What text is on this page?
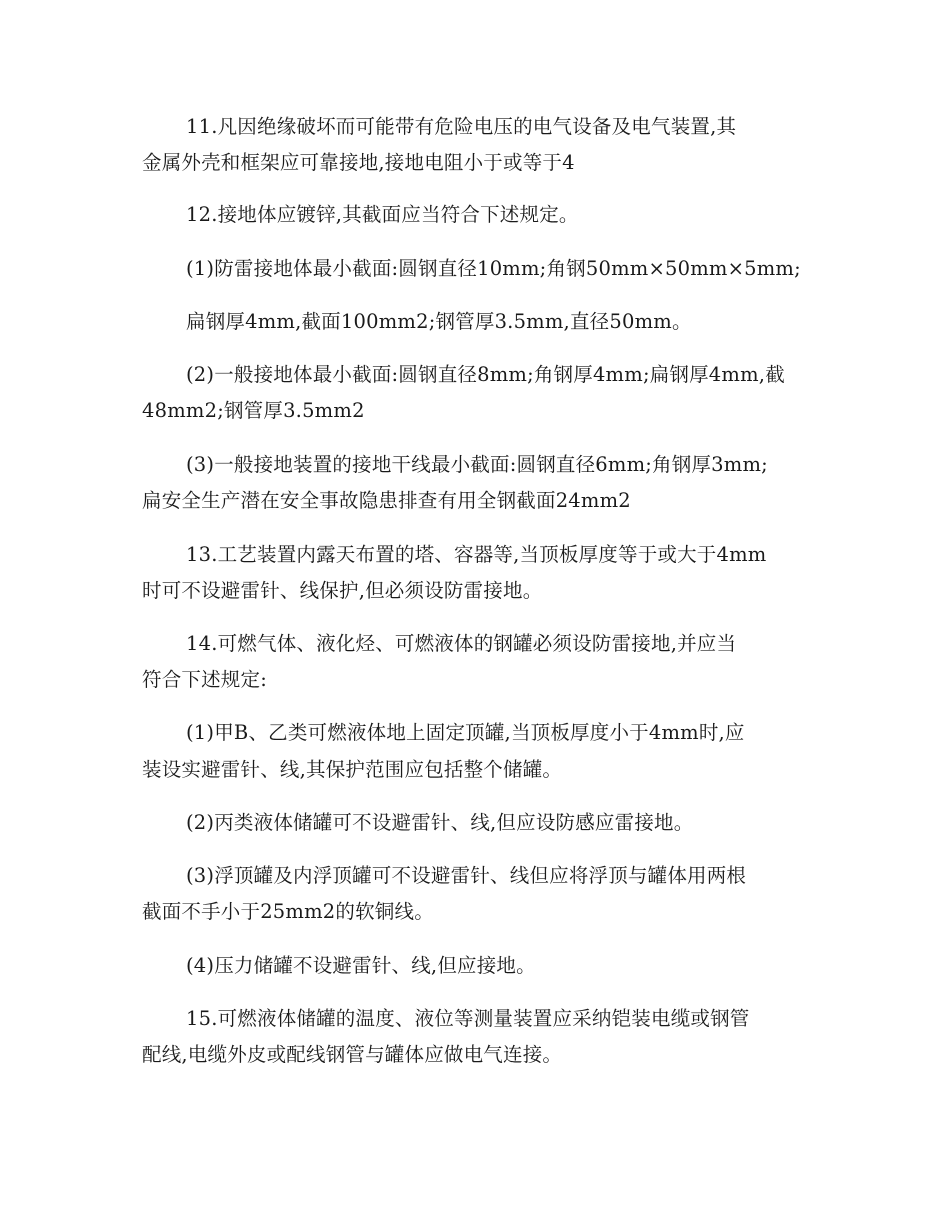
11.凡因绝缘破坏而可能带有危险电压的电气设备及电气装置,其
金属外壳和框架应可靠接地,接地电阻小于或等于4
12.接地体应镀锌,其截面应当符合下述规定。
(1)防雷接地体最小截面:圆钢直径10mm;角钢50mm×50mm×5mm;
扁钢厚4mm,截面100mm2;钢管厚3.5mm,直径50mm。
(2)一般接地体最小截面:圆钢直径8mm;角钢厚4mm;扁钢厚4mm,截
48mm2;钢管厚3.5mm2
(3)一般接地装置的接地干线最小截面:圆钢直径6mm;角钢厚3mm;
扁安全生产潜在安全事故隐患排查有用全钢截面24mm2
13.工艺装置内露天布置的塔、容器等,当顶板厚度等于或大于4mm
时可不设避雷针、线保护,但必须设防雷接地。
14.可燃气体、液化烃、可燃液体的钢罐必须设防雷接地,并应当
符合下述规定:
(1)甲B、乙类可燃液体地上固定顶罐,当顶板厚度小于4mm时,应
装设实避雷针、线,其保护范围应包括整个储罐。
(2)丙类液体储罐可不设避雷针、线,但应设防感应雷接地。
(3)浮顶罐及内浮顶罐可不设避雷针、线但应将浮顶与罐体用两根
截面不手小于25mm2的软铜线。
(4)压力储罐不设避雷针、线,但应接地。
15.可燃液体储罐的温度、液位等测量装置应采纳铠装电缆或钢管
配线,电缆外皮或配线钢管与罐体应做电气连接。
